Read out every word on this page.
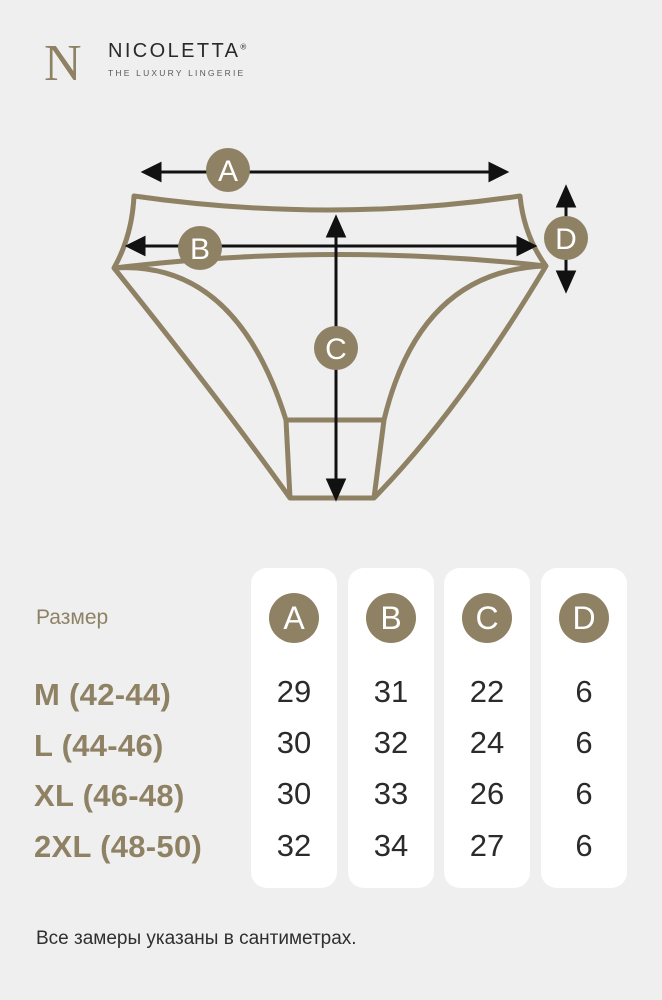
N NICOLETTA®
THE LUXURY LINGERIE
A
B
C
D
Размер
M (42-44)
L (44-46)
XL (46-48)
2XL (48-50)
A
29
30
30
32
B
31
32
33
34
C
22
24
26
27
D
6
6
6
6
Все замеры указаны в сантиметрах.
